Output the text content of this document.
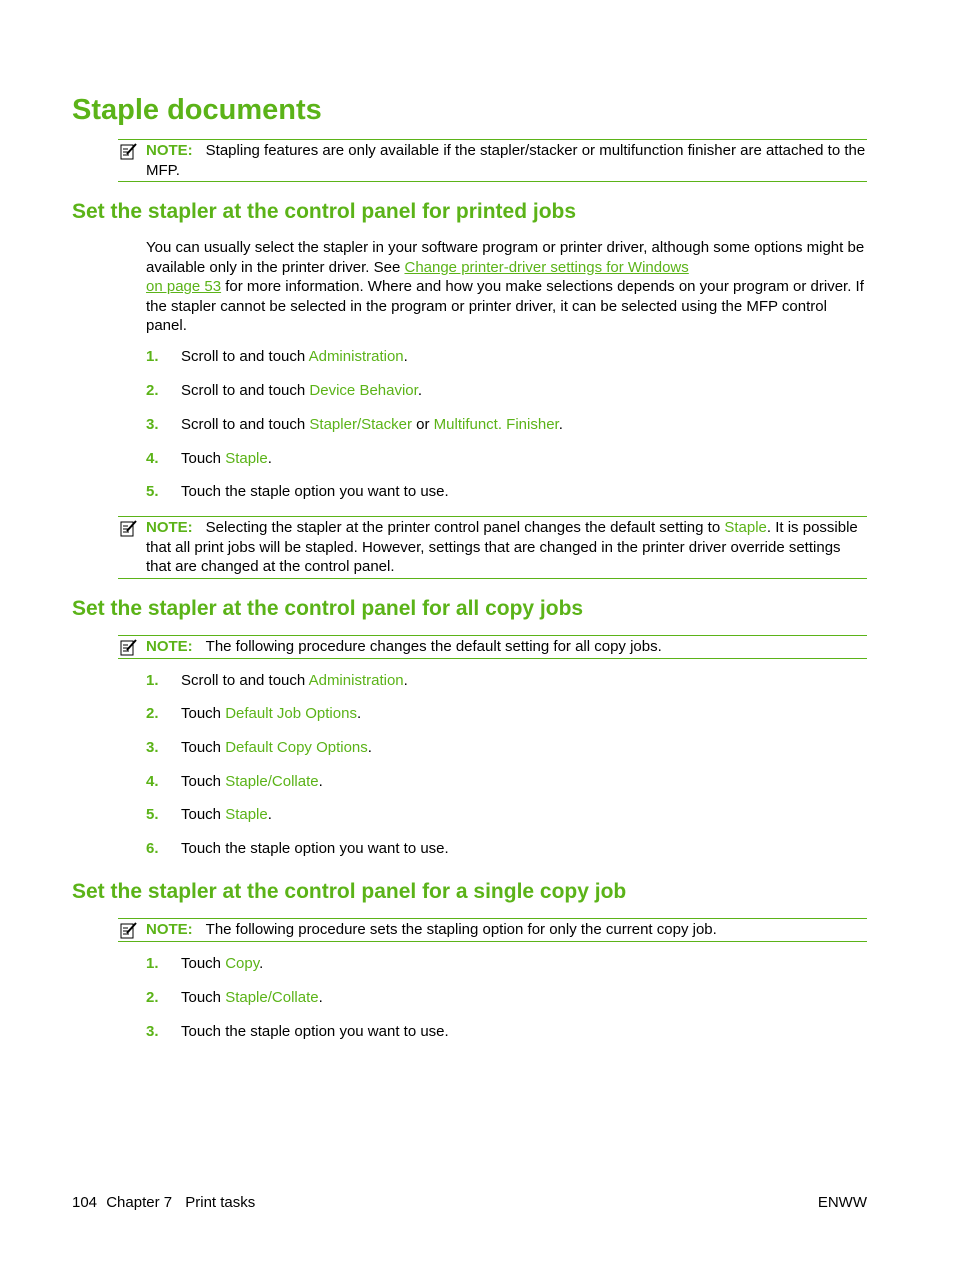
Staple documents
NOTE: Stapling features are only available if the stapler/stacker or multifunction finisher are attached to the MFP.
Set the stapler at the control panel for printed jobs
You can usually select the stapler in your software program or printer driver, although some options might be available only in the printer driver. See Change printer-driver settings for Windows
on page 53 for more information. Where and how you make selections depends on your program or driver. If the stapler cannot be selected in the program or printer driver, it can be selected using the MFP control panel.
1. Scroll to and touch Administration.
2. Scroll to and touch Device Behavior.
3. Scroll to and touch Stapler/Stacker or Multifunct. Finisher.
4. Touch Staple.
5. Touch the staple option you want to use.
NOTE: Selecting the stapler at the printer control panel changes the default setting to Staple. It is possible that all print jobs will be stapled. However, settings that are changed in the printer driver override settings that are changed at the control panel.
Set the stapler at the control panel for all copy jobs
NOTE: The following procedure changes the default setting for all copy jobs.
1. Scroll to and touch Administration.
2. Touch Default Job Options.
3. Touch Default Copy Options.
4. Touch Staple/Collate.
5. Touch Staple.
6. Touch the staple option you want to use.
Set the stapler at the control panel for a single copy job
NOTE: The following procedure sets the stapling option for only the current copy job.
1. Touch Copy.
2. Touch Staple/Collate.
3. Touch the staple option you want to use.
104 Chapter 7 Print tasks	ENWW
